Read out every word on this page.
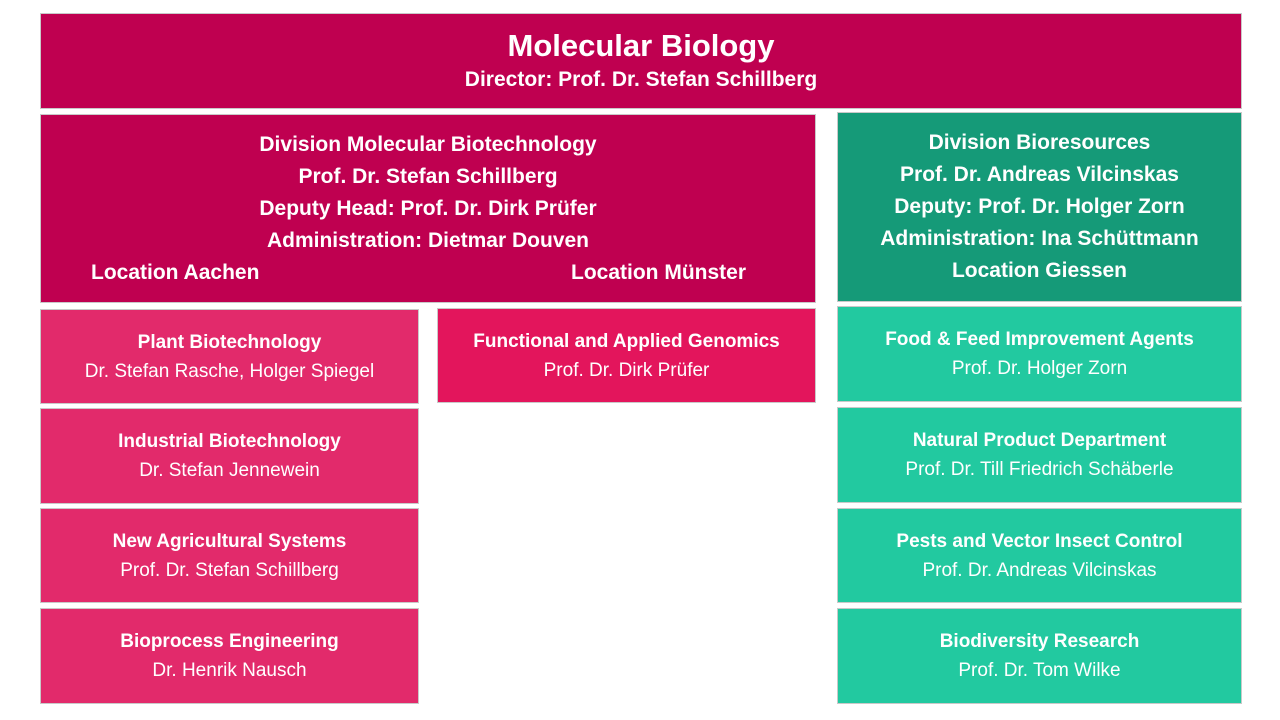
Molecular Biology
Director: Prof. Dr. Stefan Schillberg
Division Molecular Biotechnology
Prof. Dr. Stefan Schillberg
Deputy Head: Prof. Dr. Dirk Prüfer
Administration: Dietmar Douven
Location Aachen	Location Münster
Division Bioresources
Prof. Dr. Andreas Vilcinskas
Deputy: Prof. Dr. Holger Zorn
Administration: Ina Schüttmann
Location Giessen
Plant Biotechnology
Dr. Stefan Rasche, Holger Spiegel
Industrial Biotechnology
Dr. Stefan Jennewein
New Agricultural Systems
Prof. Dr. Stefan Schillberg
Bioprocess Engineering
Dr. Henrik Nausch
Functional and Applied Genomics
Prof. Dr. Dirk Prüfer
Food & Feed Improvement Agents
Prof. Dr. Holger Zorn
Natural Product Department
Prof. Dr. Till Friedrich Schäberle
Pests and Vector Insect Control
Prof. Dr. Andreas Vilcinskas
Biodiversity Research
Prof. Dr. Tom Wilke
